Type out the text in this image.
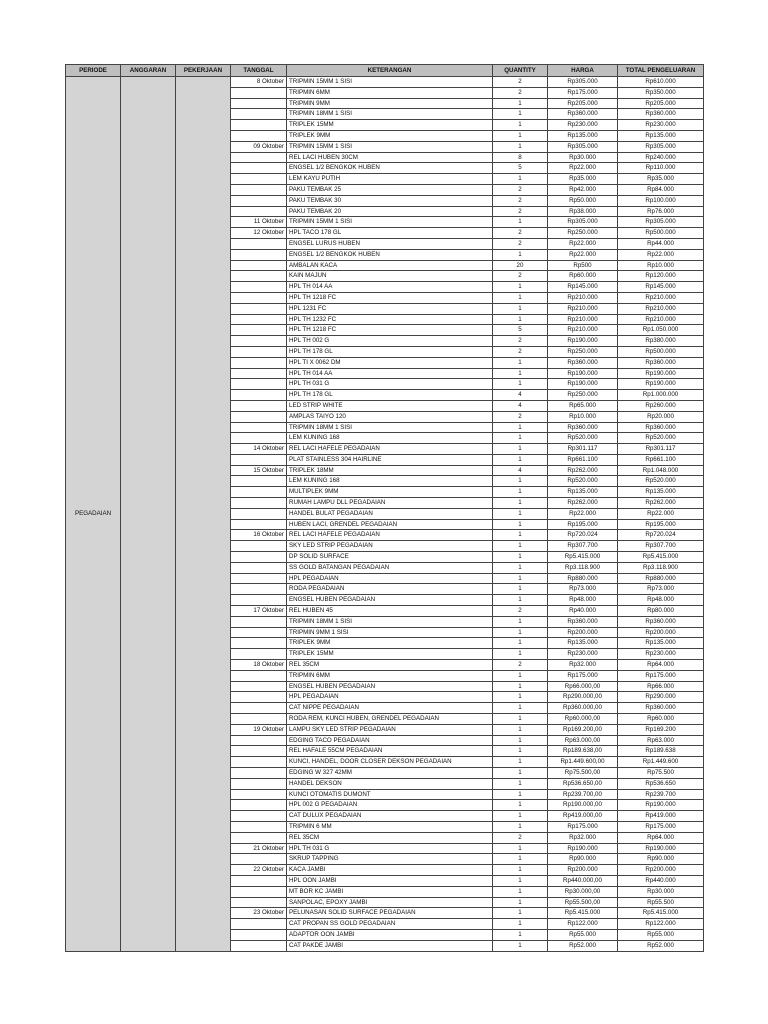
PERIODE	ANGGARAN	PEKERJAAN	TANGGAL	KETERANGAN	QUANTITY	HARGA	TOTAL PENGELUARAN
PEGADAIAN			8 Oktober	TRIPMIN 15MM 1 SISI	2	Rp305.000	Rp610.000
				TRIPMIN 6MM	2	Rp175.000	Rp350.000
				TRIPMIN 9MM	1	Rp205.000	Rp205.000
				TRIPMIN 18MM 1 SISI	1	Rp360.000	Rp360.000
				TRIPLEK 15MM	1	Rp230.000	Rp230.000
				TRIPLEK 9MM	1	Rp135.000	Rp135.000
			09 Oktober	TRIPMIN 15MM 1 SISI	1	Rp305.000	Rp305.000
				REL LACI HUBEN 30CM	8	Rp30.000	Rp240.000
				ENGSEL 1/2 BENGKOK HUBEN	5	Rp22.000	Rp110.000
				LEM KAYU PUTIH	1	Rp35.000	Rp35.000
				PAKU TEMBAK 25	2	Rp42.000	Rp84.000
				PAKU TEMBAK 30	2	Rp50.000	Rp100.000
				PAKU TEMBAK 20	2	Rp38.000	Rp76.000
			11 Oktober	TRIPMIN 15MM 1 SISI	1	Rp305.000	Rp305.000
			12 Oktober	HPL TACO 178 GL	2	Rp250.000	Rp500.000
				ENGSEL LURUS HUBEN	2	Rp22.000	Rp44.000
				ENGSEL 1/2 BENGKOK HUBEN	1	Rp22.000	Rp22.000
				AMBALAN KACA	20	Rp500	Rp10.000
				KAIN MAJUN	2	Rp60.000	Rp120.000
				HPL TH 014 AA	1	Rp145.000	Rp145.000
				HPL TH 1218 FC	1	Rp210.000	Rp210.000
				HPL 1231 FC	1	Rp210.000	Rp210.000
				HPL TH 1232 FC	1	Rp210.000	Rp210.000
				HPL TH 1218 FC	5	Rp210.000	Rp1.050.000
				HPL TH 002 G	2	Rp190.000	Rp380.000
				HPL TH 178 GL	2	Rp250.000	Rp500.000
				HPL TI X 0062 DM	1	Rp360.000	Rp360.000
				HPL TH 014 AA	1	Rp190.000	Rp190.000
				HPL TH 031 G	1	Rp190.000	Rp190.000
				HPL TH 178 GL	4	Rp250.000	Rp1.000.000
				LED STRIP WHITE	4	Rp65.000	Rp260.000
				AMPLAS TAIYO 120	2	Rp10.000	Rp20.000
				TRIPMIN 18MM 1 SISI	1	Rp360.000	Rp360.000
				LEM KUNING 168	1	Rp520.000	Rp520.000
			14 Oktober	REL LACI HAFELE PEGADAIAN	1	Rp301.117	Rp301.117
				PLAT STAINLESS 304 HAIRLINE	1	Rp661.100	Rp661.100
			15 Oktober	TRIPLEK 18MM	4	Rp262.000	Rp1.048.000
				LEM KUNING 168	1	Rp520.000	Rp520.000
				MULTIPLEK 9MM	1	Rp135.000	Rp135.000
				RUMAH LAMPU DLL PEGADAIAN	1	Rp262.000	Rp262.000
				HANDEL BULAT PEGADAIAN	1	Rp22.000	Rp22.000
				HUBEN LACI, GRENDEL PEGADAIAN	1	Rp195.000	Rp195.000
			16 Oktober	REL LACI HAFELE PEGADAIAN	1	Rp720.024	Rp720.024
				SKY LED STRIP PEGADAIAN	1	Rp307.700	Rp307.700
				DP SOLID SURFACE	1	Rp5.415.000	Rp5.415.000
				SS GOLD BATANGAN PEGADAIAN	1	Rp3.118.900	Rp3.118.900
				HPL PEGADAIAN	1	Rp880.000	Rp880.000
				RODA PEGADAIAN	1	Rp73.000	Rp73.000
				ENGSEL HUBEN PEGADAIAN	1	Rp48.000	Rp48.000
			17 Oktober	REL HUBEN 45	2	Rp40.000	Rp80.000
				TRIPMIN 18MM 1 SISI	1	Rp360.000	Rp360.000
				TRIPMIN 9MM 1 SISI	1	Rp200.000	Rp200.000
				TRIPLEK 9MM	1	Rp135.000	Rp135.000
				TRIPLEK 15MM	1	Rp230.000	Rp230.000
			18 Oktober	REL 35CM	2	Rp32.000	Rp64.000
				TRIPMIN 6MM	1	Rp175.000	Rp175.000
				ENGSEL HUBEN PEGADAIAN	1	Rp66.000,00	Rp66.000
				HPL PEGADAIAN	1	Rp290.000,00	Rp290.000
				CAT NIPPE PEGADAIAN	1	Rp360.000,00	Rp360.000
				RODA REM, KUNCI HUBEN, GRENDEL PEGADAIAN	1	Rp60.000,00	Rp60.000
			19 Oktober	LAMPU SKY LED STRIP PEGADAIAN	1	Rp169.200,00	Rp169.200
				EDGING TACO PEGADAIAN	1	Rp63.000,00	Rp63.000
				REL HAFALE 55CM PEGADAIAN	1	Rp189.638,00	Rp189.638
				KUNCI, HANDEL, DOOR CLOSER DEKSON PEGADAIAN	1	Rp1.449.600,00	Rp1.449.600
				EDGING W 327 42MM	1	Rp75.500,00	Rp75.500
				HANDEL DEKSON	1	Rp536.650,00	Rp536.650
				KUNCI OTOMATIS DUMONT	1	Rp239.700,00	Rp239.700
				HPL 002 G PEGADAIAN	1	Rp190.000,00	Rp190.000
				CAT DULUX PEGADAIAN	1	Rp419.000,00	Rp419.000
				TRIPMIN 6 MM	1	Rp175.000	Rp175.000
				REL 35CM	2	Rp32.000	Rp64.000
			21 Oktober	HPL TH 031 G	1	Rp190.000	Rp190.000
				SKRUP TAPPING	1	Rp90.000	Rp90.000
			22 Oktober	KACA JAMBI	1	Rp200.000	Rp200.000
				HPL OON JAMBI	1	Rp440.000,00	Rp440.000
				MT BOR KC JAMBI	1	Rp30.000,00	Rp30.000
				SANPOLAC, EPOXY JAMBI	1	Rp55.500,00	Rp55.500
			23 Oktober	PELUNASAN SOLID SURFACE PEGADAIAN	1	Rp5.415.000	Rp5.415.000
				CAT PROPAN SS GOLD PEGADAIAN	1	Rp122.000	Rp122.000
				ADAPTOR OON JAMBI	1	Rp55.000	Rp55.000
				CAT PAKDE JAMBI	1	Rp52.000	Rp52.000
